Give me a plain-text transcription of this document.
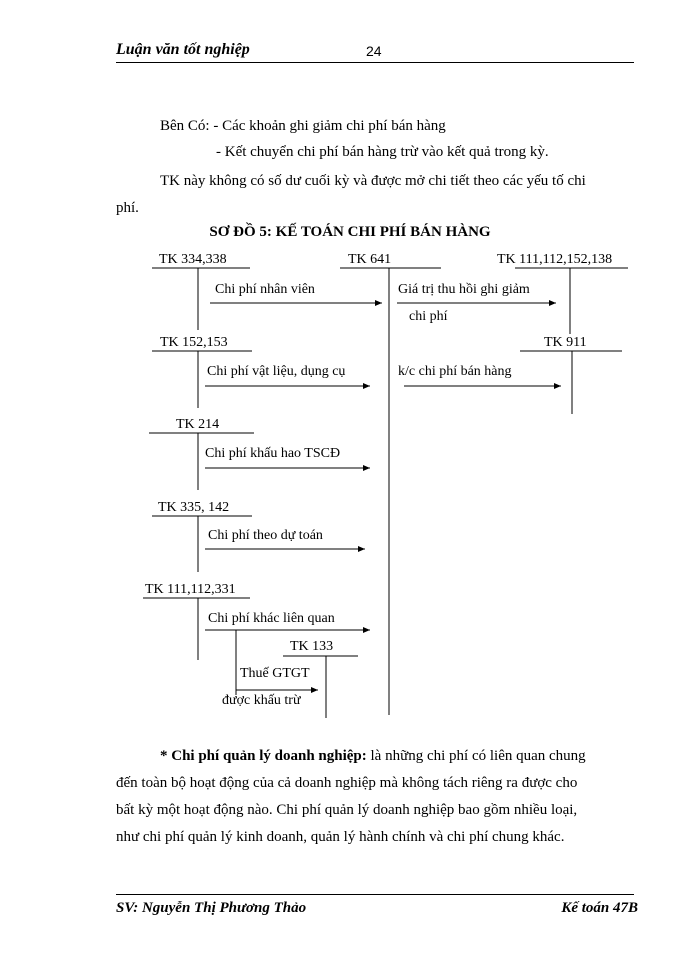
Luận văn tốt nghiệp	24
Bên Có: - Các khoản ghi giảm chi phí bán hàng
- Kết chuyển chi phí bán hàng trừ vào kết quả trong kỳ.
TK này không có số dư cuối kỳ và được mở chi tiết theo các yếu tố chi
phí.
SƠ ĐỒ 5: KẾ TOÁN CHI PHÍ BÁN HÀNG
TK 334,338	TK 641	TK 111,112,152,138
TK 152,153	TK 911
TK 214
TK 335, 142
TK 111,112,331
TK 133
Chi phí nhân viên	Giá trị thu hồi ghi giảm
chi phí
Chi phí vật liệu, dụng cụ	k/c chi phí bán hàng
Chi phí khấu hao TSCĐ
Chi phí theo dự toán
Chi phí khác liên quan
Thuế GTGT
được khấu trừ
* Chi phí quản lý doanh nghiệp: là những chi phí có liên quan chung
đến toàn bộ hoạt động của cả doanh nghiệp mà không tách riêng ra được cho
bất kỳ một hoạt động nào. Chi phí quản lý doanh nghiệp bao gồm nhiều loại,
như chi phí quản lý kinh doanh, quản lý hành chính và chi phí chung khác.
SV: Nguyễn Thị Phương Thảo	Kế toán 47B
